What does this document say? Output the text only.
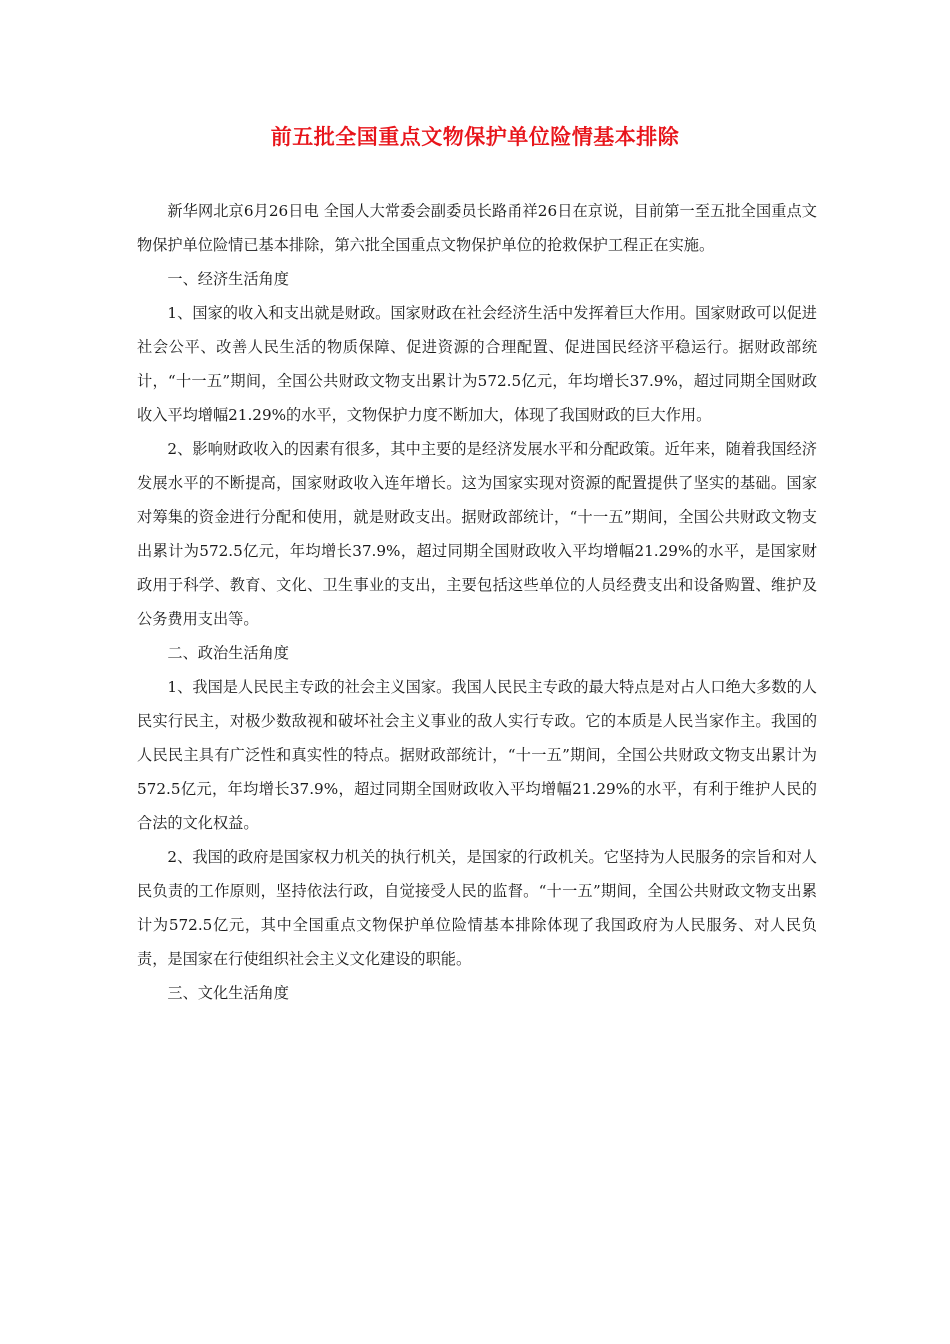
前五批全国重点文物保护单位险情基本排除

新华网北京6月26日电 全国人大常委会副委员长路甬祥26日在京说，目前第一至五批全国重点文物保护单位险情已基本排除，第六批全国重点文物保护单位的抢救保护工程正在实施。

一、经济生活角度

1、国家的收入和支出就是财政。国家财政在社会经济生活中发挥着巨大作用。国家财政可以促进社会公平、改善人民生活的物质保障、促进资源的合理配置、促进国民经济平稳运行。据财政部统计，“十一五”期间，全国公共财政文物支出累计为572.5亿元，年均增长37.9%，超过同期全国财政收入平均增幅21.29%的水平，文物保护力度不断加大，体现了我国财政的巨大作用。

2、影响财政收入的因素有很多，其中主要的是经济发展水平和分配政策。近年来，随着我国经济发展水平的不断提高，国家财政收入连年增长。这为国家实现对资源的配置提供了坚实的基础。国家对筹集的资金进行分配和使用，就是财政支出。据财政部统计，“十一五”期间，全国公共财政文物支出累计为572.5亿元，年均增长37.9%，超过同期全国财政收入平均增幅21.29%的水平，是国家财政用于科学、教育、文化、卫生事业的支出，主要包括这些单位的人员经费支出和设备购置、维护及公务费用支出等。

二、政治生活角度

1、我国是人民民主专政的社会主义国家。我国人民民主专政的最大特点是对占人口绝大多数的人民实行民主，对极少数敌视和破坏社会主义事业的敌人实行专政。它的本质是人民当家作主。我国的人民民主具有广泛性和真实性的特点。据财政部统计，“十一五”期间，全国公共财政文物支出累计为572.5亿元，年均增长37.9%，超过同期全国财政收入平均增幅21.29%的水平，有利于维护人民的合法的文化权益。

2、我国的政府是国家权力机关的执行机关，是国家的行政机关。它坚持为人民服务的宗旨和对人民负责的工作原则，坚持依法行政，自觉接受人民的监督。“十一五”期间，全国公共财政文物支出累计为572.5亿元，其中全国重点文物保护单位险情基本排除体现了我国政府为人民服务、对人民负责，是国家在行使组织社会主义文化建设的职能。

三、文化生活角度
